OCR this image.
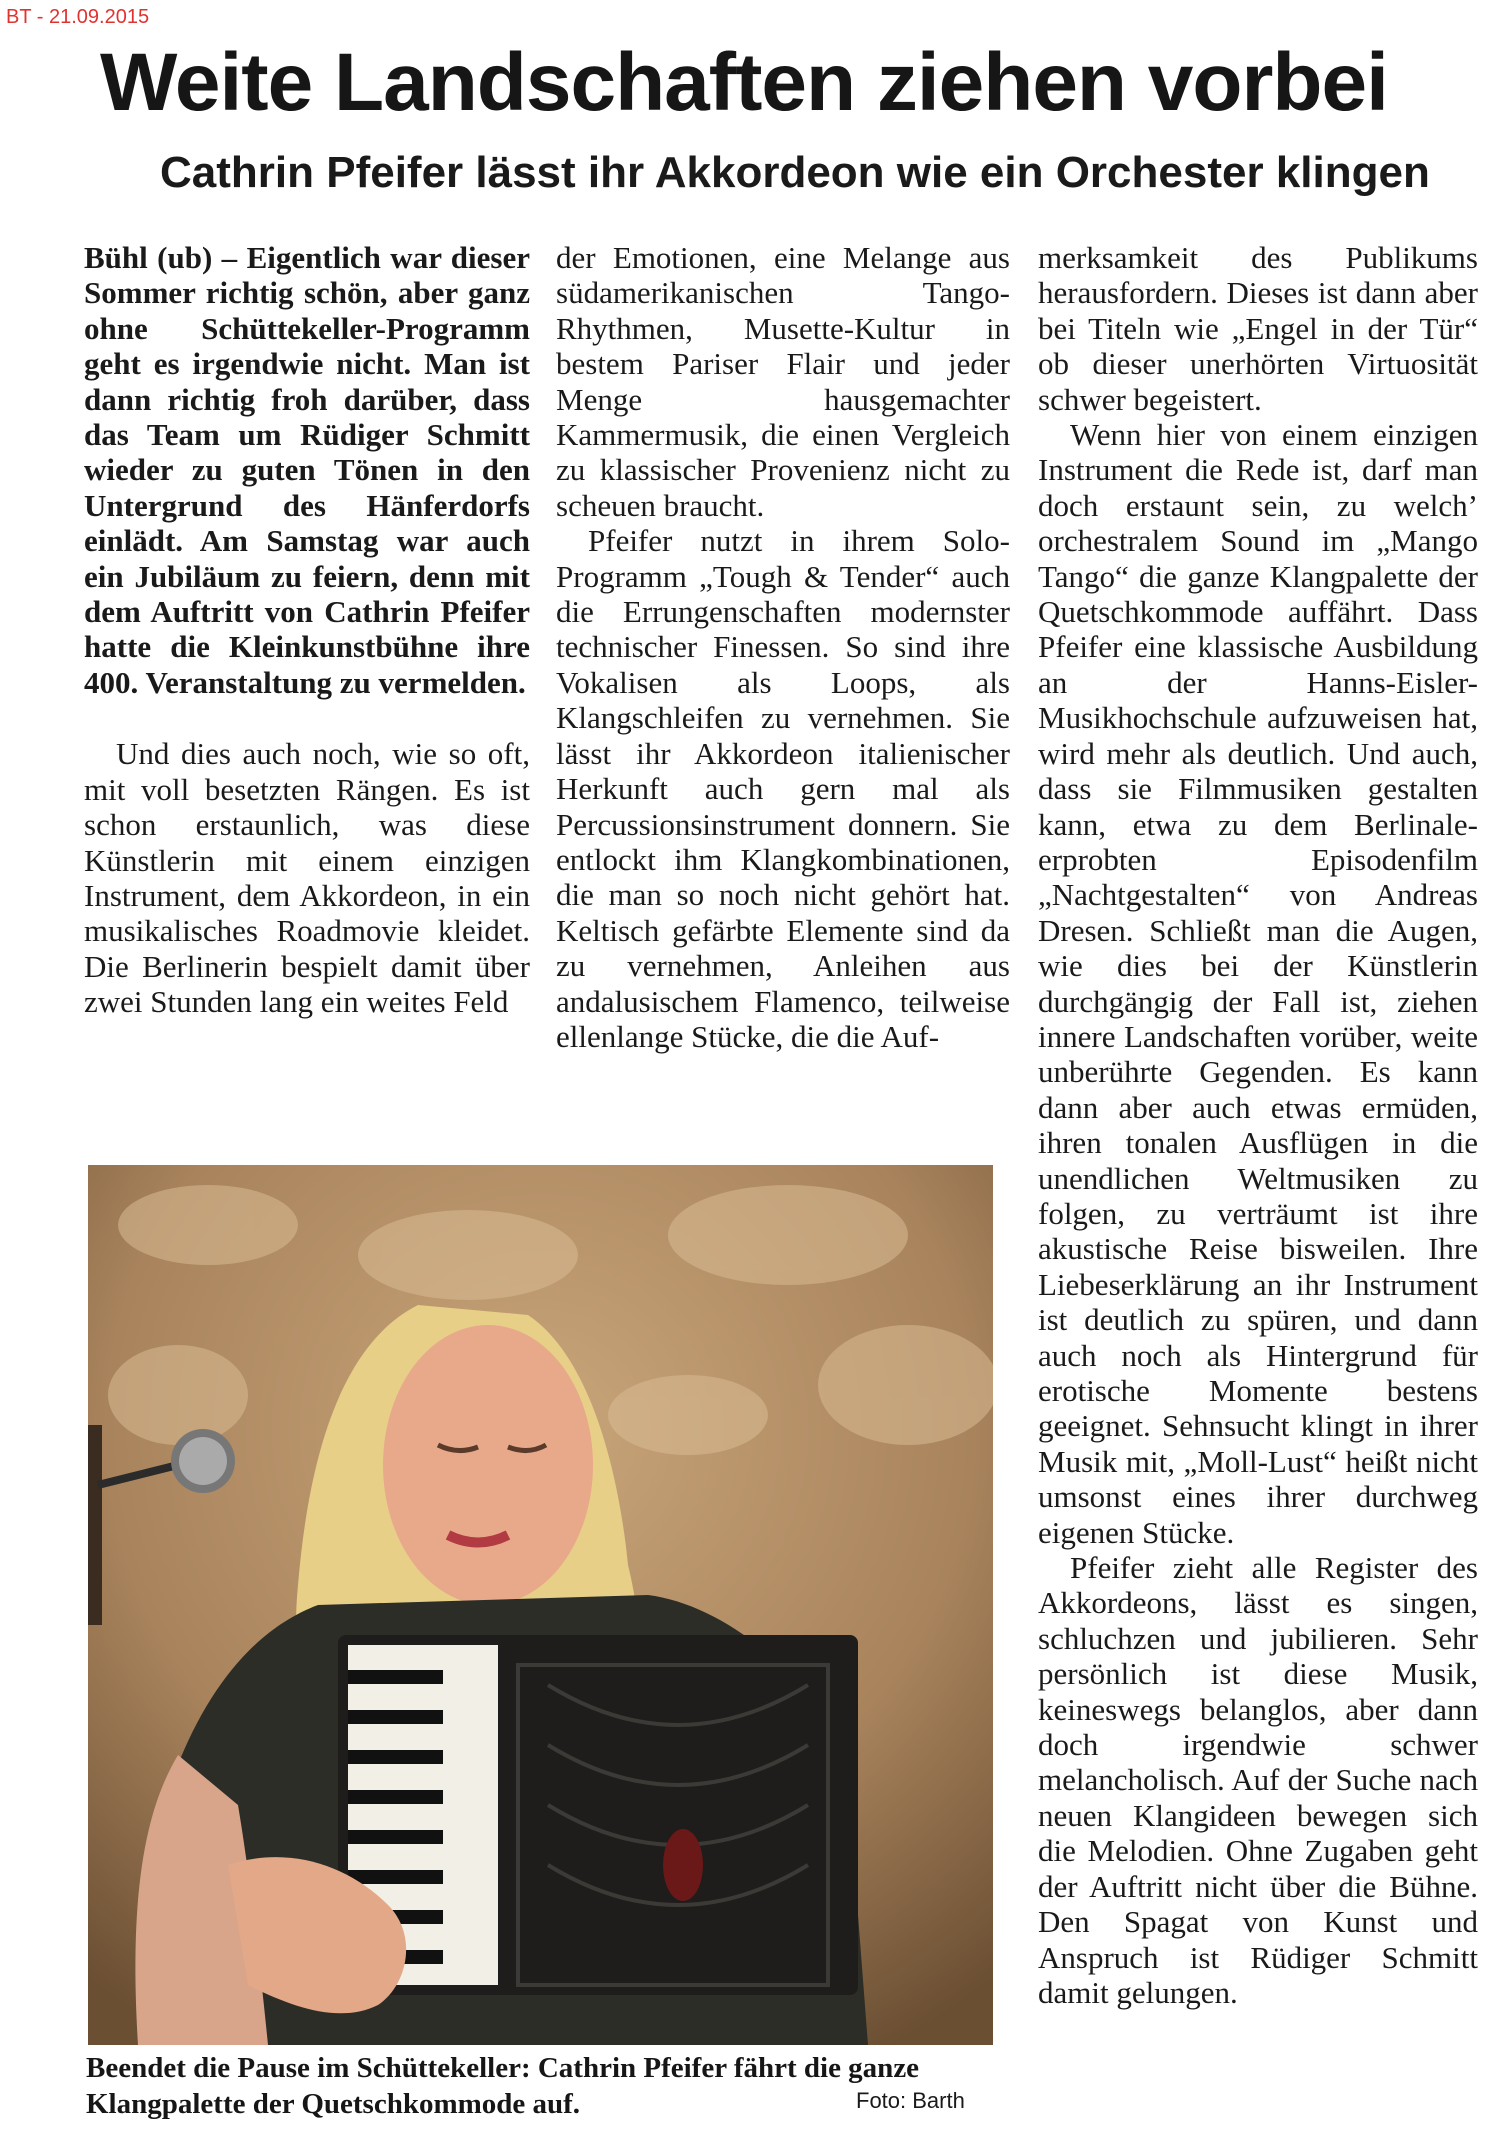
BT - 21.09.2015
Weite Landschaften ziehen vorbei
Cathrin Pfeifer lässt ihr Akkordeon wie ein Orchester klingen

Bühl (ub) – Eigentlich war dieser Sommer richtig schön, aber ganz ohne Schüttekeller-Programm geht es irgendwie nicht. Man ist dann richtig froh darüber, dass das Team um Rüdiger Schmitt wieder zu guten Tönen in den Untergrund des Hänferdorfs einlädt. Am Samstag war auch ein Jubiläum zu feiern, denn mit dem Auftritt von Cathrin Pfeifer hatte die Kleinkunstbühne ihre 400. Veranstaltung zu vermelden.

Und dies auch noch, wie so oft, mit voll besetzten Rängen. Es ist schon erstaunlich, was diese Künstlerin mit einem einzigen Instrument, dem Akkordeon, in ein musikalisches Roadmovie kleidet. Die Berlinerin bespielt damit über zwei Stunden lang ein weites Feld

der Emotionen, eine Melange aus südamerikanischen Tango-Rhythmen, Musette-Kultur in bestem Pariser Flair und jeder Menge hausgemachter Kammermusik, die einen Vergleich zu klassischer Provenienz nicht zu scheuen braucht.

Pfeifer nutzt in ihrem Solo-Programm „Tough & Tender“ auch die Errungenschaften modernster technischer Finessen. So sind ihre Vokalisen als Loops, als Klangschleifen zu vernehmen. Sie lässt ihr Akkordeon italienischer Herkunft auch gern mal als Percussionsinstrument donnern. Sie entlockt ihm Klangkombinationen, die man so noch nicht gehört hat. Keltisch gefärbte Elemente sind da zu vernehmen, Anleihen aus andalusischem Flamenco, teilweise ellenlange Stücke, die die Auf-

merksamkeit des Publikums herausfordern. Dieses ist dann aber bei Titeln wie „Engel in der Tür“ ob dieser unerhörten Virtuosität schwer begeistert.

Wenn hier von einem einzigen Instrument die Rede ist, darf man doch erstaunt sein, zu welch’ orchestralem Sound im „Mango Tango“ die ganze Klangpalette der Quetschkommode auffährt. Dass Pfeifer eine klassische Ausbildung an der Hanns-Eisler-Musikhochschule aufzuweisen hat, wird mehr als deutlich. Und auch, dass sie Filmmusiken gestalten kann, etwa zu dem Berlinale-erprobten Episodenfilm „Nachtgestalten“ von Andreas Dresen. Schließt man die Augen, wie dies bei der Künstlerin durchgängig der Fall ist, ziehen innere Landschaften vorüber, weite unberührte Gegenden. Es kann dann aber auch etwas ermüden, ihren tonalen Ausflügen in die unendlichen Weltmusiken zu folgen, zu verträumt ist ihre akustische Reise bisweilen. Ihre Liebeserklärung an ihr Instrument ist deutlich zu spüren, und dann auch noch als Hintergrund für erotische Momente bestens geeignet. Sehnsucht klingt in ihrer Musik mit, „Moll-Lust“ heißt nicht umsonst eines ihrer durchweg eigenen Stücke.

Pfeifer zieht alle Register des Akkordeons, lässt es singen, schluchzen und jubilieren. Sehr persönlich ist diese Musik, keineswegs belanglos, aber dann doch irgendwie schwer melancholisch. Auf der Suche nach neuen Klangideen bewegen sich die Melodien. Ohne Zugaben geht der Auftritt nicht über die Bühne. Den Spagat von Kunst und Anspruch ist Rüdiger Schmitt damit gelungen.

Beendet die Pause im Schüttekeller: Cathrin Pfeifer fährt die ganze Klangpalette der Quetschkommode auf.	Foto: Barth
